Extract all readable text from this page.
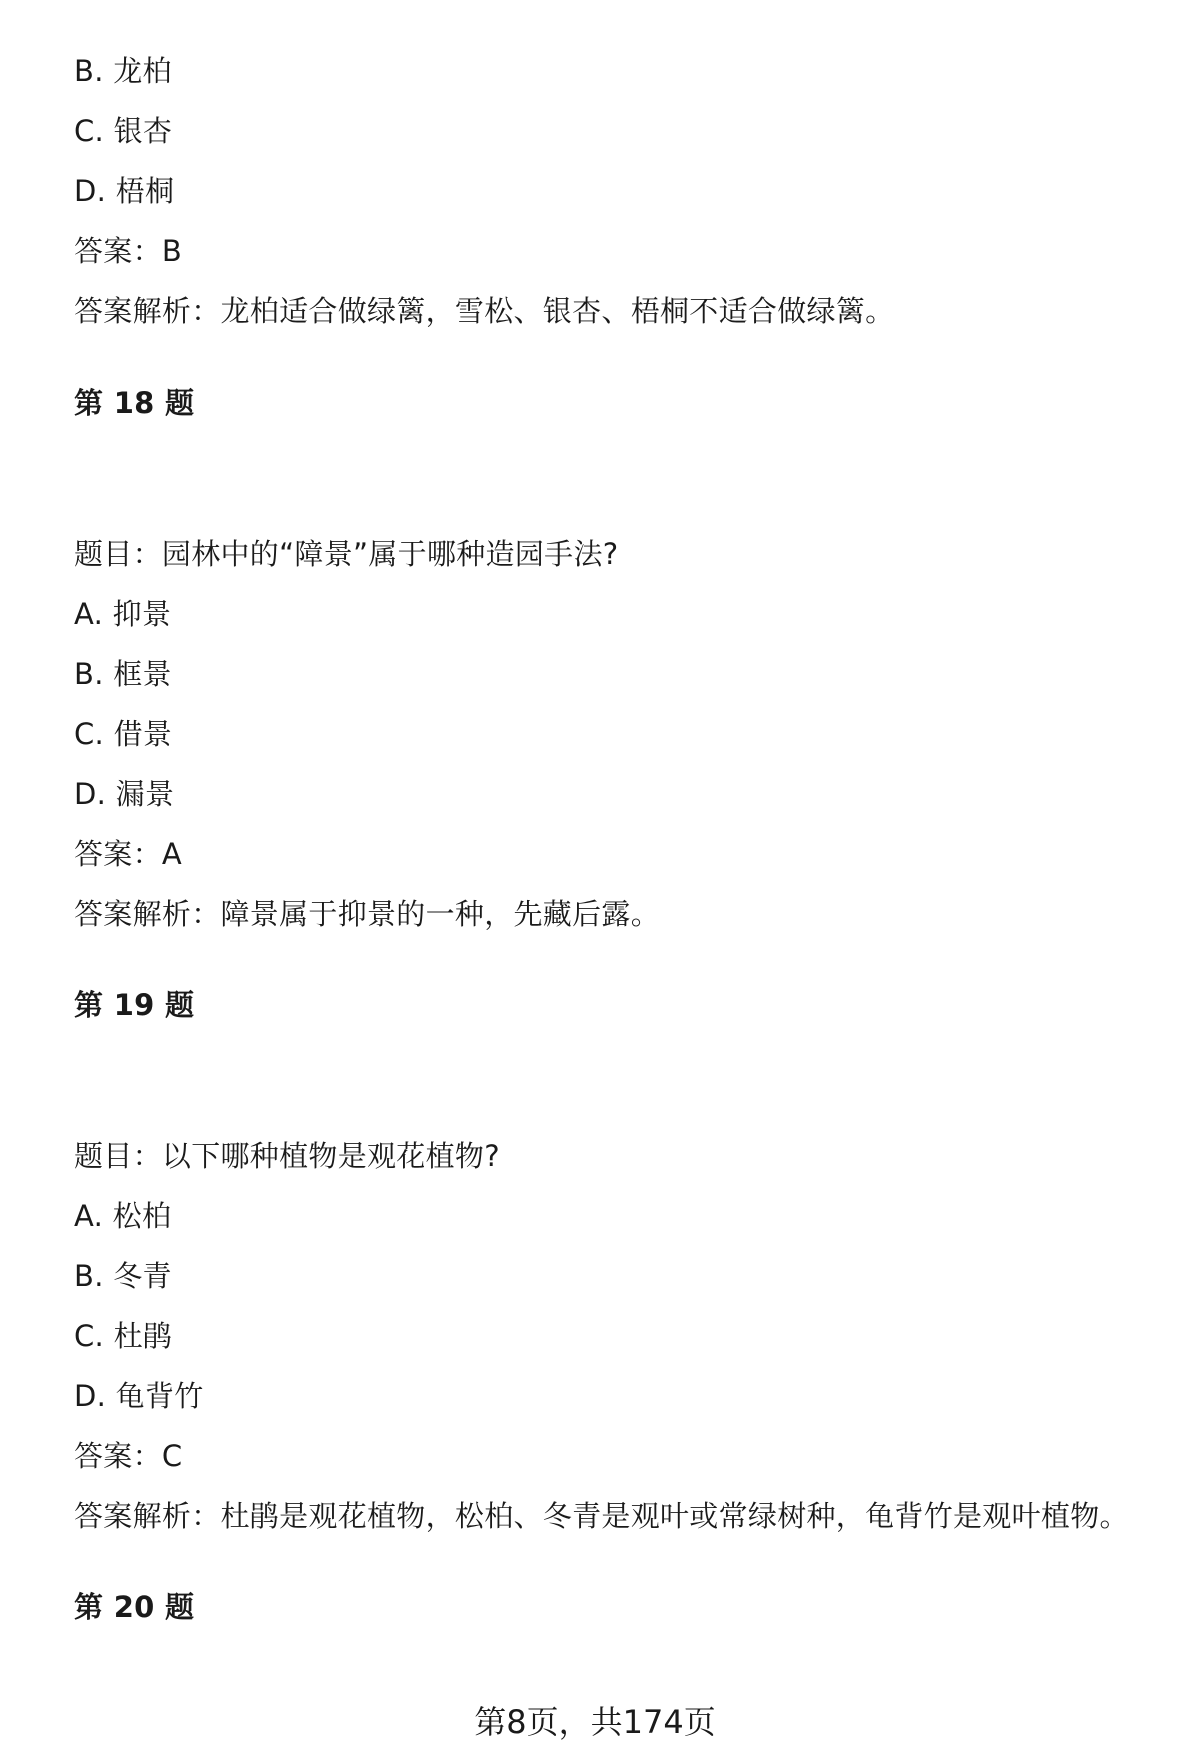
B. 龙柏
C. 银杏
D. 梧桐
答案：B
答案解析：龙柏适合做绿篱，雪松、银杏、梧桐不适合做绿篱。
第 18 题
题目：园林中的“障景”属于哪种造园手法?
A. 抑景
B. 框景
C. 借景
D. 漏景
答案：A
答案解析：障景属于抑景的一种，先藏后露。
第 19 题
题目：以下哪种植物是观花植物?
A. 松柏
B. 冬青
C. 杜鹃
D. 龟背竹
答案：C
答案解析：杜鹃是观花植物，松柏、冬青是观叶或常绿树种，龟背竹是观叶植物。
第 20 题
第8页，共174页
